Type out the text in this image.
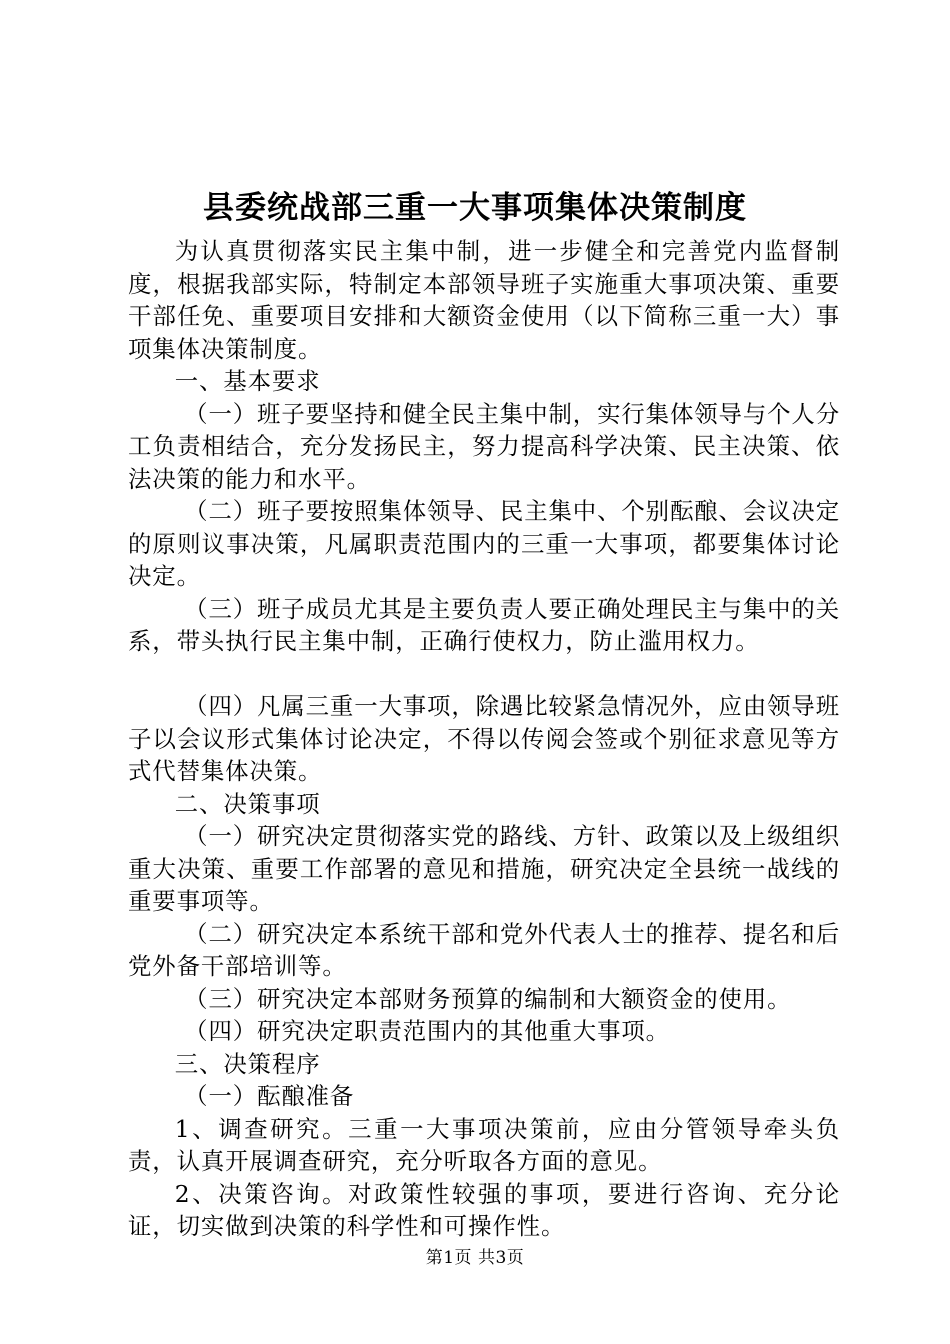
县委统战部三重一大事项集体决策制度

为认真贯彻落实民主集中制，进一步健全和完善党内监督制度，根据我部实际，特制定本部领导班子实施重大事项决策、重要干部任免、重要项目安排和大额资金使用（以下简称三重一大）事项集体决策制度。

一、基本要求

（一）班子要坚持和健全民主集中制，实行集体领导与个人分工负责相结合，充分发扬民主，努力提高科学决策、民主决策、依法决策的能力和水平。

（二）班子要按照集体领导、民主集中、个别酝酿、会议决定的原则议事决策，凡属职责范围内的三重一大事项，都要集体讨论决定。

（三）班子成员尤其是主要负责人要正确处理民主与集中的关系，带头执行民主集中制，正确行使权力，防止滥用权力。

（四）凡属三重一大事项，除遇比较紧急情况外，应由领导班子以会议形式集体讨论决定，不得以传阅会签或个别征求意见等方式代替集体决策。

二、决策事项

（一）研究决定贯彻落实党的路线、方针、政策以及上级组织重大决策、重要工作部署的意见和措施，研究决定全县统一战线的重要事项等。

（二）研究决定本系统干部和党外代表人士的推荐、提名和后党外备干部培训等。

（三）研究决定本部财务预算的编制和大额资金的使用。

（四）研究决定职责范围内的其他重大事项。

三、决策程序

（一）酝酿准备

1、调查研究。三重一大事项决策前，应由分管领导牵头负责，认真开展调查研究，充分听取各方面的意见。

2、决策咨询。对政策性较强的事项，要进行咨询、充分论证，切实做到决策的科学性和可操作性。

第1页 共3页
